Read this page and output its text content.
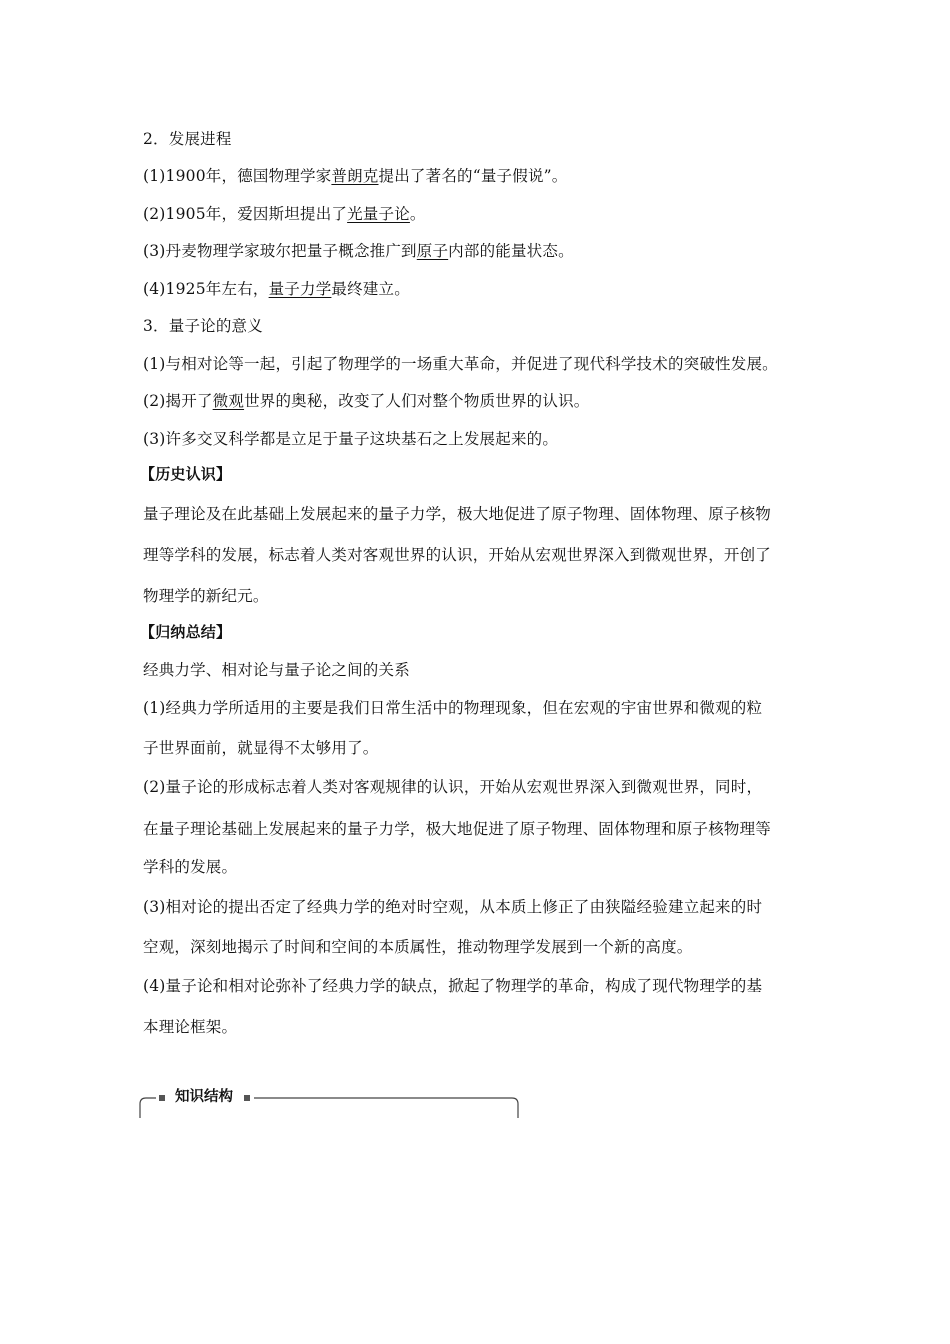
2．发展进程
(1)1900年，德国物理学家普朗克提出了著名的“量子假说”。
(2)1905年，爱因斯坦提出了光量子论。
(3)丹麦物理学家玻尔把量子概念推广到原子内部的能量状态。
(4)1925年左右，量子力学最终建立。
3．量子论的意义
(1)与相对论等一起，引起了物理学的一场重大革命，并促进了现代科学技术的突破性发展。
(2)揭开了微观世界的奥秘，改变了人们对整个物质世界的认识。
(3)许多交叉科学都是立足于量子这块基石之上发展起来的。
【历史认识】
量子理论及在此基础上发展起来的量子力学，极大地促进了原子物理、固体物理、原子核物
理等学科的发展，标志着人类对客观世界的认识，开始从宏观世界深入到微观世界，开创了
物理学的新纪元。
【归纳总结】
经典力学、相对论与量子论之间的关系
(1)经典力学所适用的主要是我们日常生活中的物理现象，但在宏观的宇宙世界和微观的粒
子世界面前，就显得不太够用了。
(2)量子论的形成标志着人类对客观规律的认识，开始从宏观世界深入到微观世界，同时，
在量子理论基础上发展起来的量子力学，极大地促进了原子物理、固体物理和原子核物理等
学科的发展。
(3)相对论的提出否定了经典力学的绝对时空观，从本质上修正了由狭隘经验建立起来的时
空观，深刻地揭示了时间和空间的本质属性，推动物理学发展到一个新的高度。
(4)量子论和相对论弥补了经典力学的缺点，掀起了物理学的革命，构成了现代物理学的基
本理论框架。
知识结构
